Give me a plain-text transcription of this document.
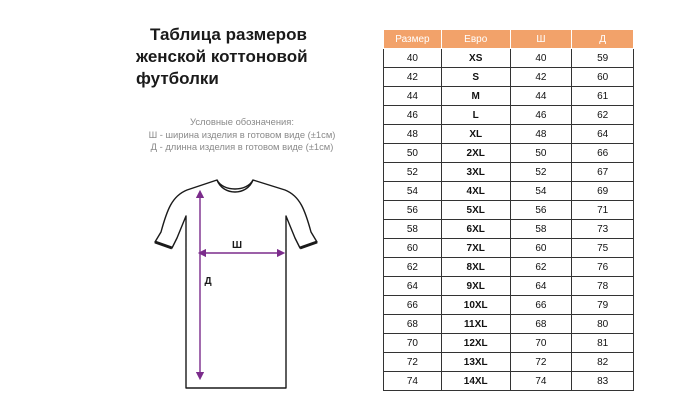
Таблица размеров
женской коттоновой
футболки
Условные обозначения:
Ш - ширина изделия в готовом виде (±1см)
Д - длинна изделия в готовом виде (±1см)
Ш
Д
Размер	Евро	Ш	Д
40	XS	40	59
42	S	42	60
44	M	44	61
46	L	46	62
48	XL	48	64
50	2XL	50	66
52	3XL	52	67
54	4XL	54	69
56	5XL	56	71
58	6XL	58	73
60	7XL	60	75
62	8XL	62	76
64	9XL	64	78
66	10XL	66	79
68	11XL	68	80
70	12XL	70	81
72	13XL	72	82
74	14XL	74	83
